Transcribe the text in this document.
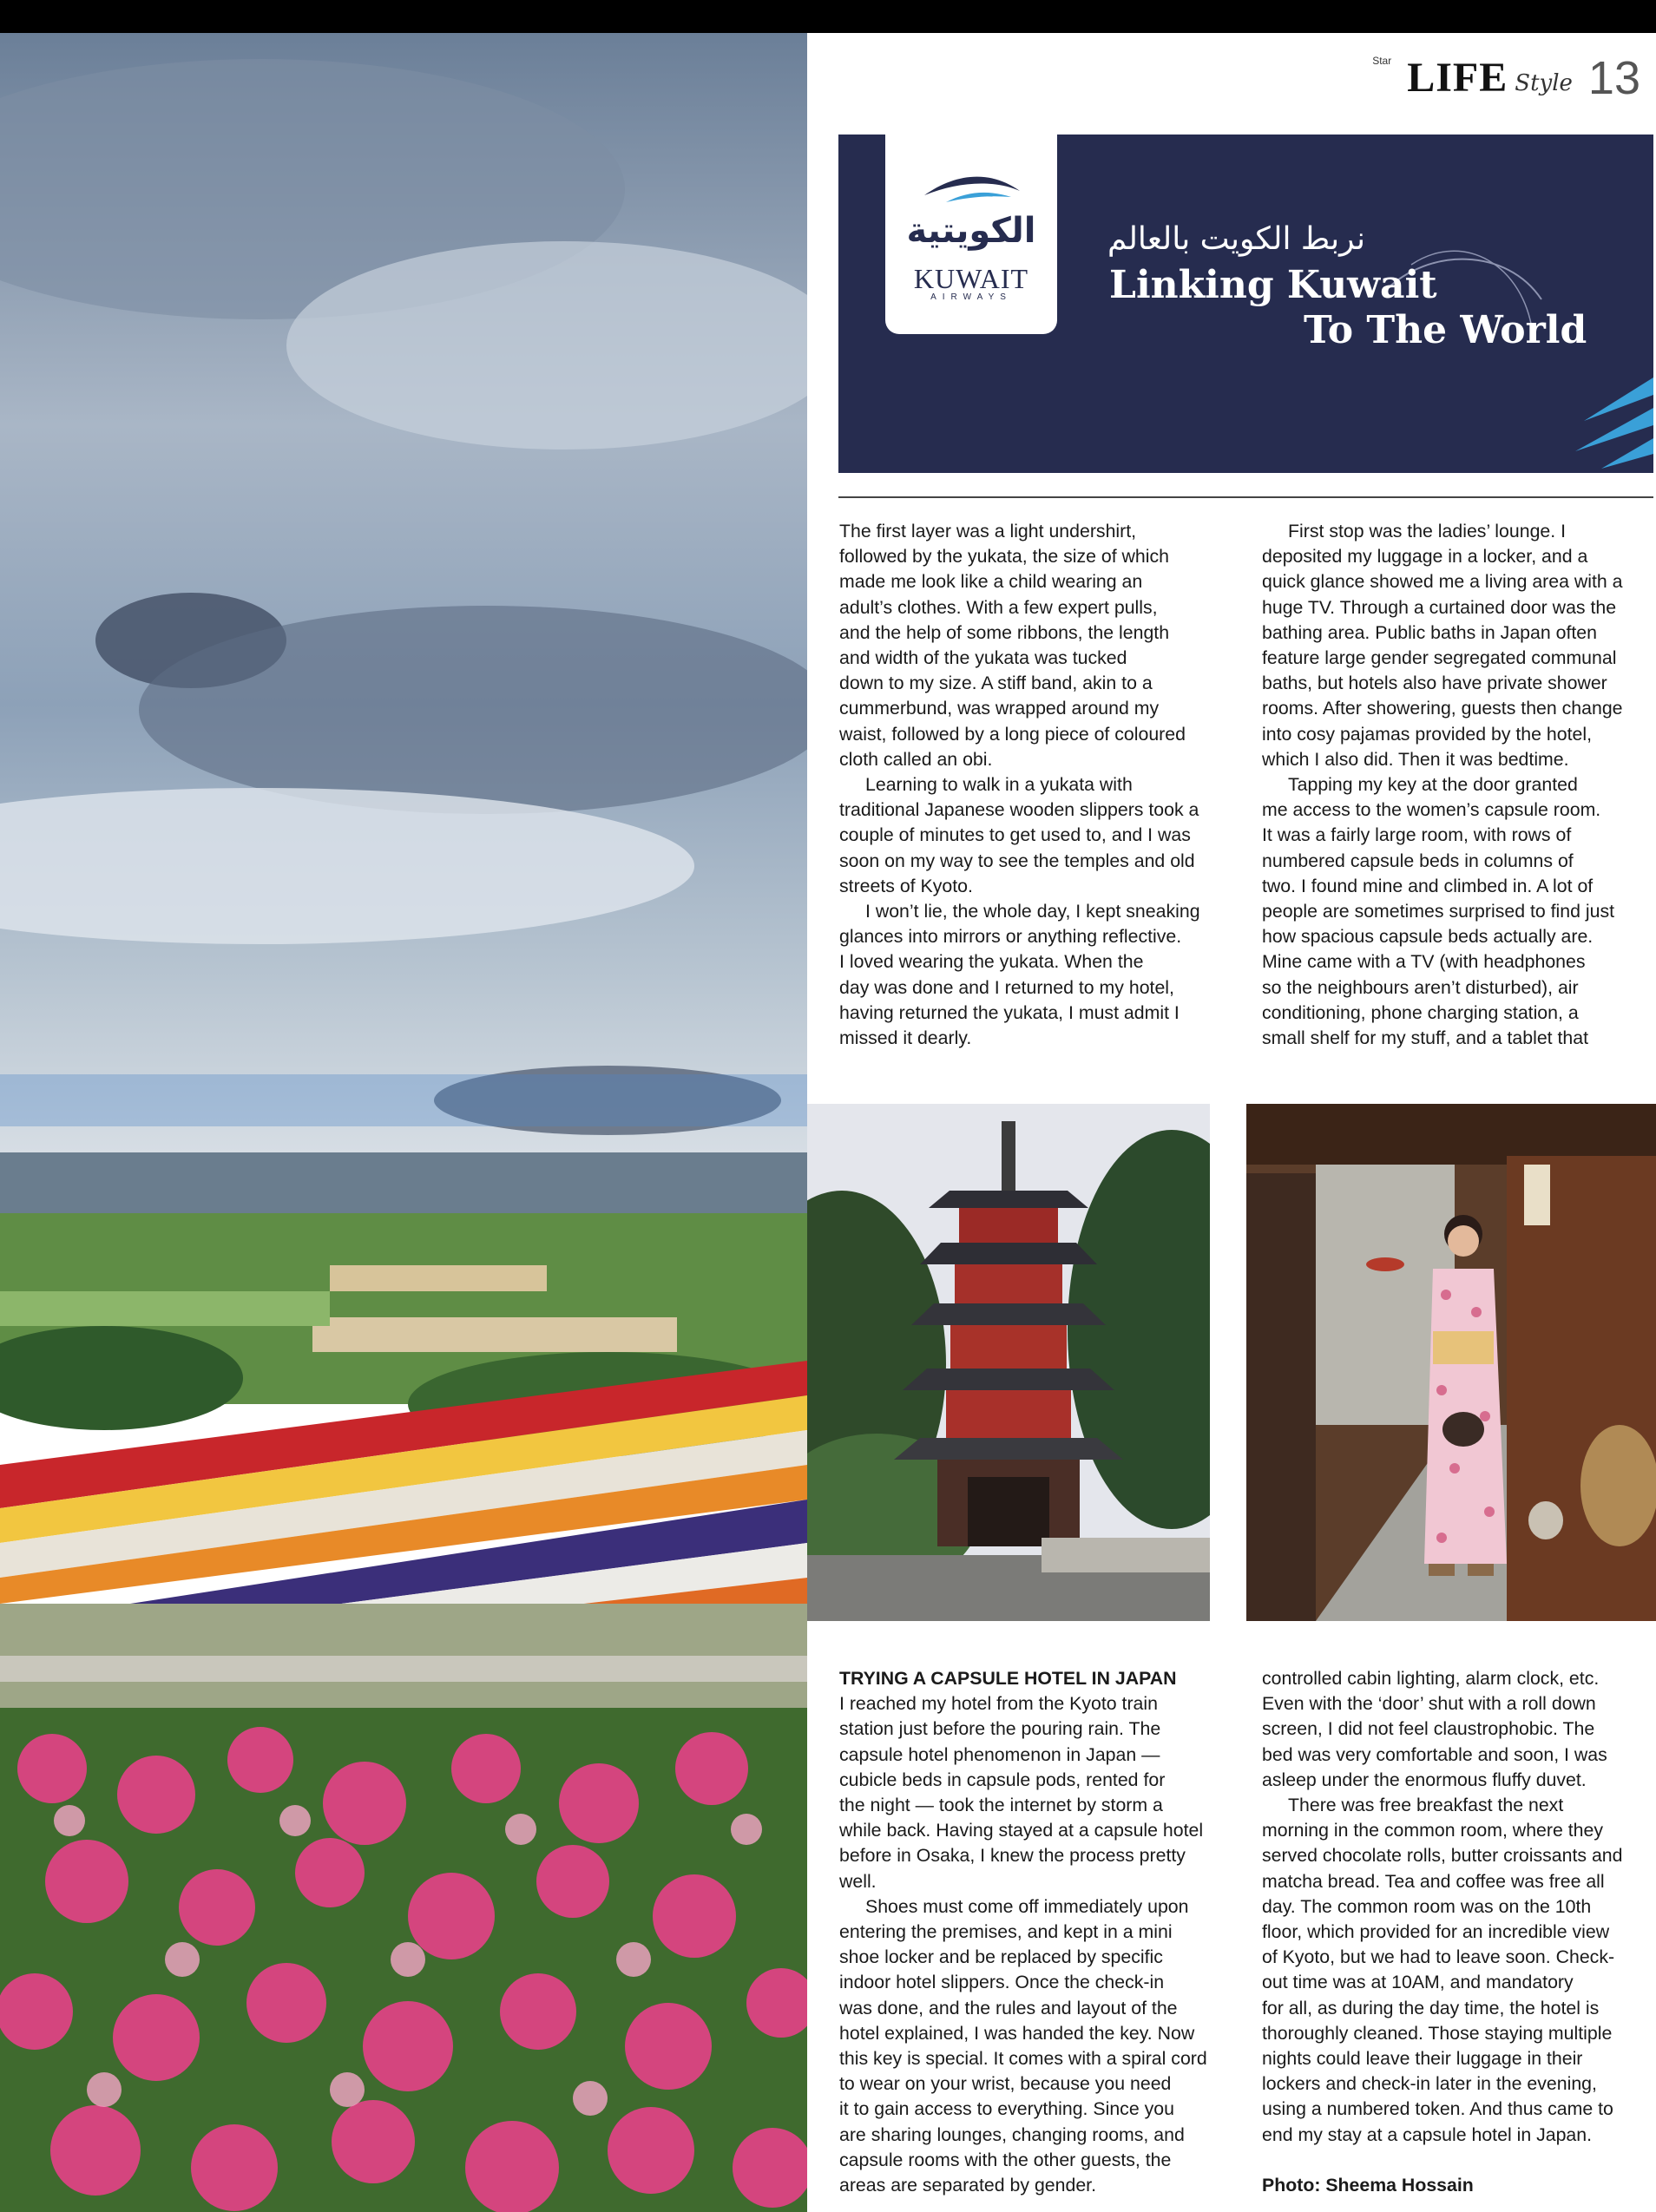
Star LIFE Style 13
الكويتية
KUWAIT
AIRWAYS
نربط الكويت بالعالم
Linking Kuwait
To The World

The first layer was a light undershirt,

followed by the yukata, the size of which

made me look like a child wearing an

adult’s clothes. With a few expert pulls,

and the help of some ribbons, the length

and width of the yukata was tucked

down to my size. A stiff band, akin to a

cummerbund, was wrapped around my

waist, followed by a long piece of coloured

cloth called an obi.

Learning to walk in a yukata with

traditional Japanese wooden slippers took a

couple of minutes to get used to, and I was

soon on my way to see the temples and old

streets of Kyoto.

I won’t lie, the whole day, I kept sneaking

glances into mirrors or anything reflective.

I loved wearing the yukata. When the

day was done and I returned to my hotel,

having returned the yukata, I must admit I

missed it dearly.

First stop was the ladies’ lounge. I

deposited my luggage in a locker, and a

quick glance showed me a living area with a

huge TV. Through a curtained door was the

bathing area. Public baths in Japan often

feature large gender segregated communal

baths, but hotels also have private shower

rooms. After showering, guests then change

into cosy pajamas provided by the hotel,

which I also did. Then it was bedtime.

Tapping my key at the door granted

me access to the women’s capsule room.

It was a fairly large room, with rows of

numbered capsule beds in columns of

two. I found mine and climbed in. A lot of

people are sometimes surprised to find just

how spacious capsule beds actually are.

Mine came with a TV (with headphones

so the neighbours aren’t disturbed), air

conditioning, phone charging station, a

small shelf for my stuff, and a tablet that

TRYING A CAPSULE HOTEL IN JAPAN

I reached my hotel from the Kyoto train

station just before the pouring rain. The

capsule hotel phenomenon in Japan —

cubicle beds in capsule pods, rented for

the night — took the internet by storm a

while back. Having stayed at a capsule hotel

before in Osaka, I knew the process pretty

well.

Shoes must come off immediately upon

entering the premises, and kept in a mini

shoe locker and be replaced by specific

indoor hotel slippers. Once the check-in

was done, and the rules and layout of the

hotel explained, I was handed the key. Now

this key is special. It comes with a spiral cord

to wear on your wrist, because you need

it to gain access to everything. Since you

are sharing lounges, changing rooms, and

capsule rooms with the other guests, the

areas are separated by gender.

controlled cabin lighting, alarm clock, etc.

Even with the ‘door’ shut with a roll down

screen, I did not feel claustrophobic. The

bed was very comfortable and soon, I was

asleep under the enormous fluffy duvet.

There was free breakfast the next

morning in the common room, where they

served chocolate rolls, butter croissants and

matcha bread. Tea and coffee was free all

day. The common room was on the 10th

floor, which provided for an incredible view

of Kyoto, but we had to leave soon. Check-

out time was at 10AM, and mandatory

for all, as during the day time, the hotel is

thoroughly cleaned. Those staying multiple

nights could leave their luggage in their

lockers and check-in later in the evening,

using a numbered token. And thus came to

end my stay at a capsule hotel in Japan.

Photo: Sheema Hossain
